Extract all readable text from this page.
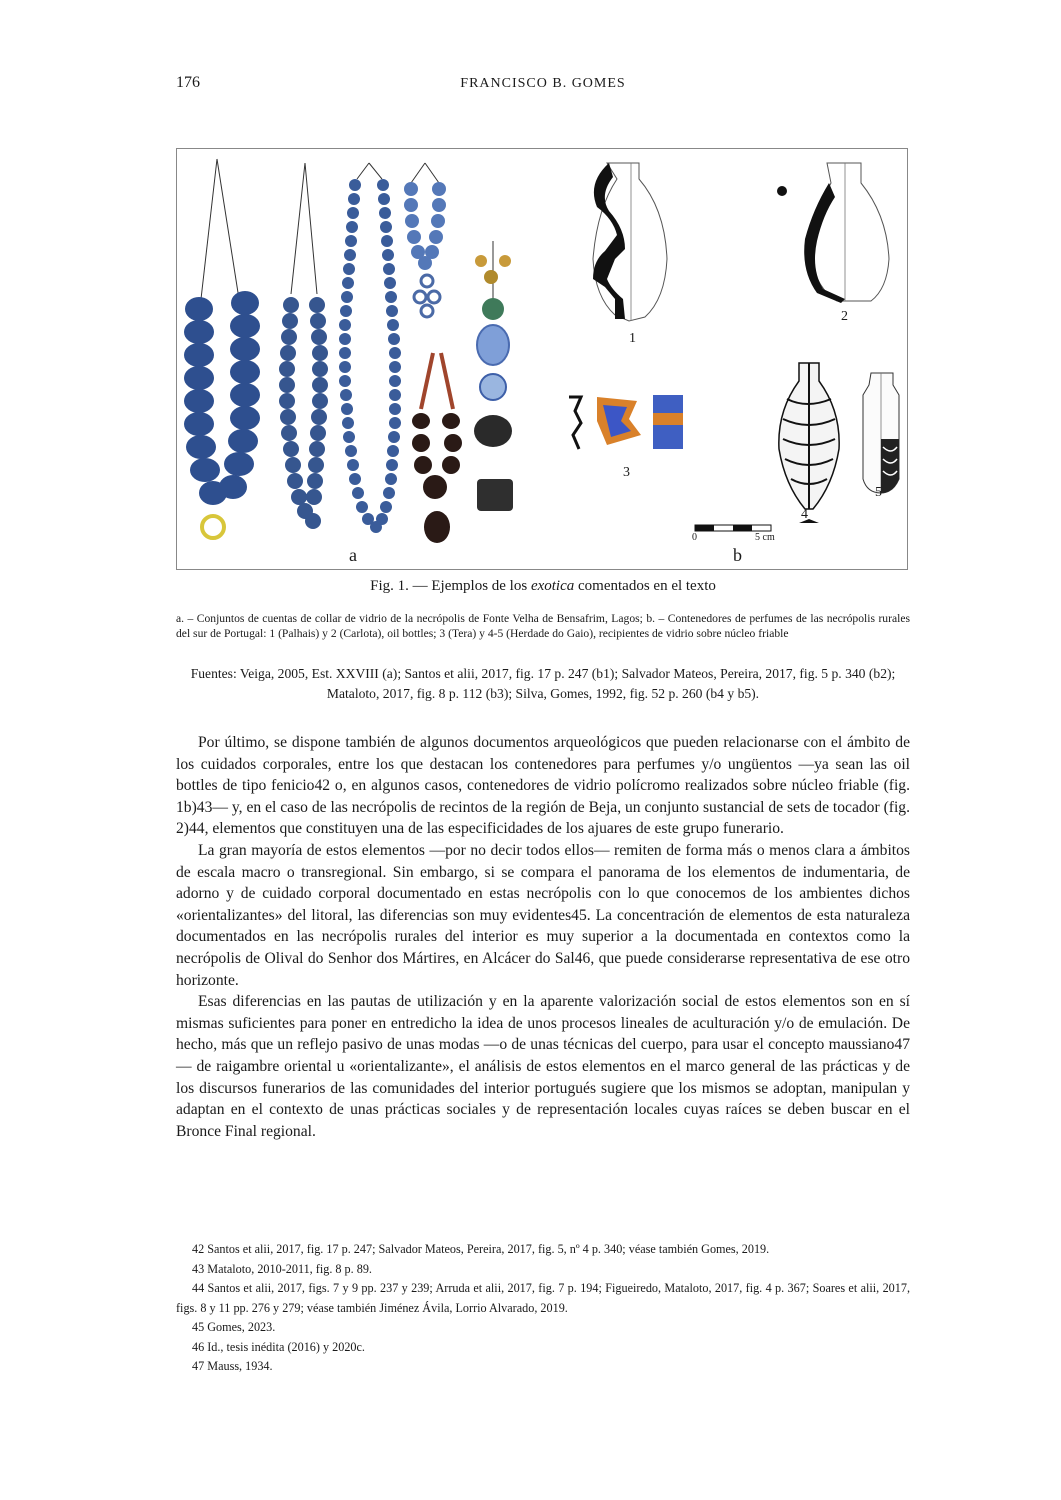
176	FRANCISCO B. GOMES
1
2
3
4
5
0	5 cm
a	b
Fig. 1. — Ejemplos de los exotica comentados en el texto
a. – Conjuntos de cuentas de collar de vidrio de la necrópolis de Fonte Velha de Bensafrim, Lagos; b. – Contenedores de perfumes de las necrópolis rurales del sur de Portugal: 1 (Palhais) y 2 (Carlota), oil bottles; 3 (Tera) y 4-5 (Herdade do Gaio), recipientes de vidrio sobre núcleo friable
Fuentes: Veiga, 2005, Est. XXVIII (a); Santos et alii, 2017, fig. 17 p. 247 (b1); Salvador Mateos, Pereira, 2017, fig. 5 p. 340 (b2); Mataloto, 2017, fig. 8 p. 112 (b3); Silva, Gomes, 1992, fig. 52 p. 260 (b4 y b5).

Por último, se dispone también de algunos documentos arqueológicos que pueden relacionarse con el ámbito de los cuidados corporales, entre los que destacan los contenedores para perfumes y/o ungüentos —ya sean las oil bottles de tipo fenicio42 o, en algunos casos, contenedores de vidrio polícromo realizados sobre núcleo friable (fig. 1b)43— y, en el caso de las necrópolis de recintos de la región de Beja, un conjunto sustancial de sets de tocador (fig. 2)44, elementos que constituyen una de las especificidades de los ajuares de este grupo funerario.

La gran mayoría de estos elementos —por no decir todos ellos— remiten de forma más o menos clara a ámbitos de escala macro o transregional. Sin embargo, si se compara el panorama de los elementos de indumentaria, de adorno y de cuidado corporal documentado en estas necrópolis con lo que conocemos de los ambientes dichos «orientalizantes» del litoral, las diferencias son muy evidentes45. La concentración de elementos de esta naturaleza documentados en las necrópolis rurales del interior es muy superior a la documentada en contextos como la necrópolis de Olival do Senhor dos Mártires, en Alcácer do Sal46, que puede considerarse representativa de ese otro horizonte.

Esas diferencias en las pautas de utilización y en la aparente valorización social de estos elementos son en sí mismas suficientes para poner en entredicho la idea de unos procesos lineales de aculturación y/o de emulación. De hecho, más que un reflejo pasivo de unas modas —o de unas técnicas del cuerpo, para usar el concepto maussiano47— de raigambre oriental u «orientalizante», el análisis de estos elementos en el marco general de las prácticas y de los discursos funerarios de las comunidades del interior portugués sugiere que los mismos se adoptan, manipulan y adaptan en el contexto de unas prácticas sociales y de representación locales cuyas raíces se deben buscar en el Bronce Final regional.

42 Santos et alii, 2017, fig. 17 p. 247; Salvador Mateos, Pereira, 2017, fig. 5, nº 4 p. 340; véase también Gomes, 2019.

43 Mataloto, 2010-2011, fig. 8 p. 89.

44 Santos et alii, 2017, figs. 7 y 9 pp. 237 y 239; Arruda et alii, 2017, fig. 7 p. 194; Figueiredo, Mataloto, 2017, fig. 4 p. 367; Soares et alii, 2017, figs. 8 y 11 pp. 276 y 279; véase también Jiménez Ávila, Lorrio Alvarado, 2019.

45 Gomes, 2023.

46 Id., tesis inédita (2016) y 2020c.

47 Mauss, 1934.
